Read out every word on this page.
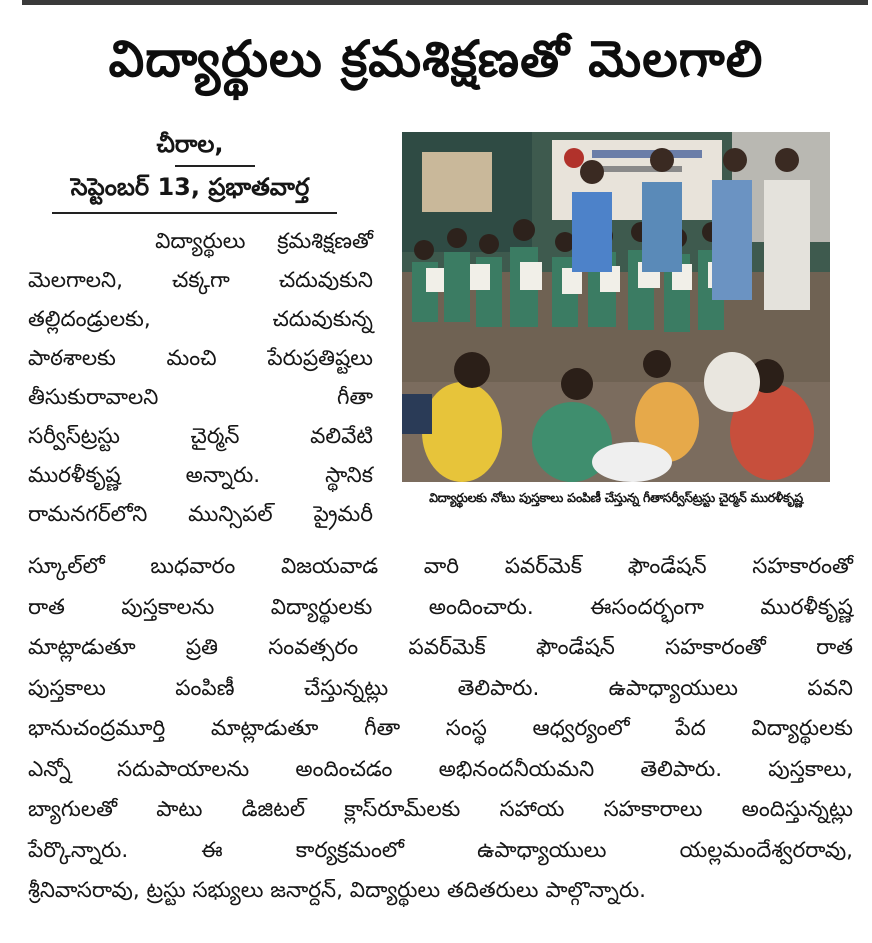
విద్యార్థులు క్రమశిక్షణతో మెలగాలి
చీరాల,
సెప్టెంబర్ 13, ప్రభాతవార్త
విద్యార్థులకు నోటు పుస్తకాలు పంపిణీ చేస్తున్న గీతాసర్వీస్‌ట్రస్టు చైర్మన్ మురళీకృష్ణ
విద్యార్థులు క్రమశిక్షణతో
మెలగాలని, చక్కగా చదువుకుని
తల్లిదండ్రులకు, చదువుకున్న
పాఠశాలకు మంచి పేరుప్రతిష్టలు
తీసుకురావాలని గీతా
సర్వీస్‌ట్రస్టు చైర్మన్ వలివేటి
మురళీకృష్ణ అన్నారు. స్థానిక
రామనగర్‌లోని మున్సిపల్ ప్రైమరీ
స్కూల్‌లో బుధవారం విజయవాడ వారి పవర్‌మెక్ ఫౌండేషన్ సహకారంతో
రాత పుస్తకాలను విద్యార్థులకు అందించారు. ఈసందర్భంగా మురళీకృష్ణ
మాట్లాడుతూ ప్రతి సంవత్సరం పవర్‌మెక్ ఫౌండేషన్ సహకారంతో రాత
పుస్తకాలు పంపిణీ చేస్తున్నట్లు తెలిపారు. ఉపాధ్యాయులు పవని
భానుచంద్రమూర్తి మాట్లాడుతూ గీతా సంస్థ ఆధ్వర్యంలో పేద విద్యార్థులకు
ఎన్నో సదుపాయాలను అందించడం అభినందనీయమని తెలిపారు. పుస్తకాలు,
బ్యాగులతో పాటు డిజిటల్ క్లాస్‌రూమ్‌లకు సహాయ సహకారాలు అందిస్తున్నట్లు
పేర్కొన్నారు. ఈ కార్యక్రమంలో ఉపాధ్యాయులు యల్లమందేశ్వరరావు,
శ్రీనివాసరావు, ట్రస్టు సభ్యులు జనార్దన్, విద్యార్థులు తదితరులు పాల్గొన్నారు.
